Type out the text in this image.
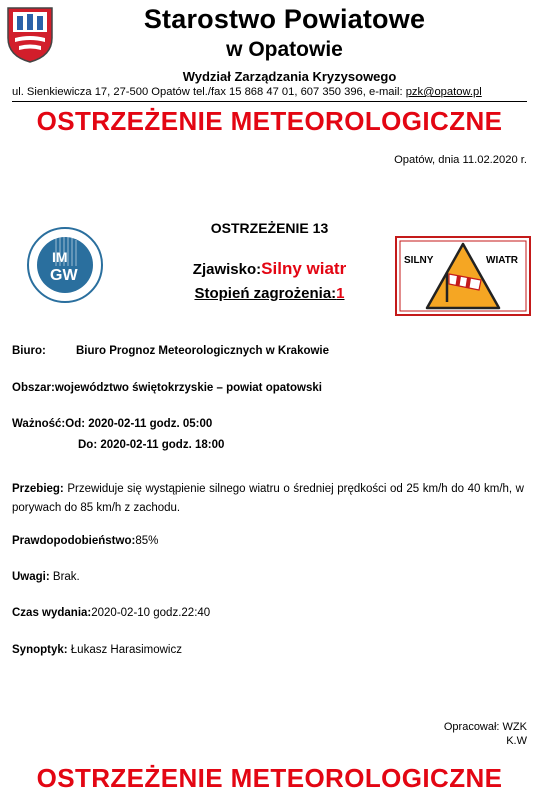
Starostwo Powiatowe
w Opatowie
Wydział Zarządzania Kryzysowego
ul. Sienkiewicza 17, 27-500 Opatów tel./fax 15 868 47 01, 607 350 396, e-mail: pzk@opatow.pl
OSTRZEŻENIE METEOROLOGICZNE
Opatów, dnia 11.02.2020 r.
IM
GW
SILNY	WIATR
OSTRZEŻENIE 13
Zjawisko:Silny wiatr
Stopień zagrożenia:1
Biuro:	Biuro Prognoz Meteorologicznych w Krakowie
Obszar:województwo świętokrzyskie – powiat opatowski
Ważność:Od: 2020-02-11 godz. 05:00
Do: 2020-02-11 godz. 18:00
Przebieg: Przewiduje się wystąpienie silnego wiatru o średniej prędkości od 25 km/h do 40 km/h, w porywach do 85 km/h z zachodu.
Prawdopodobieństwo:85%
Uwagi: Brak.
Czas wydania:2020-02-10 godz.22:40
Synoptyk: Łukasz Harasimowicz
Opracował: WZK
K.W
OSTRZEŻENIE METEOROLOGICZNE
